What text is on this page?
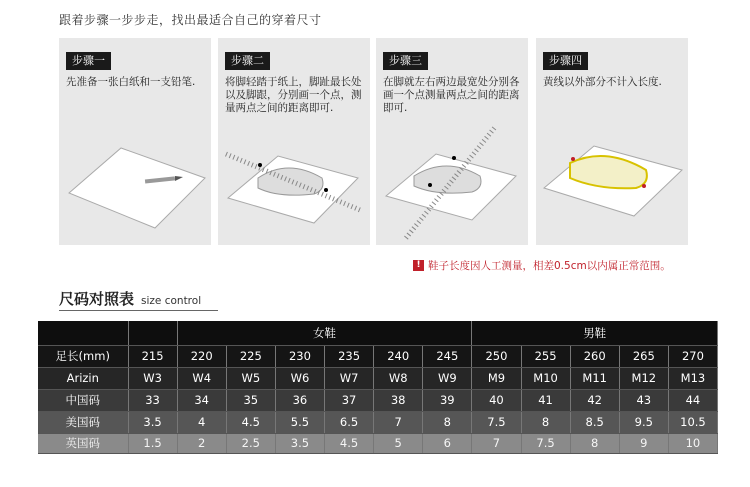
跟着步骤一步步走，找出最适合自己的穿着尺寸
步骤一
先准备一张白纸和一支铅笔.
步骤二
将脚轻踏于纸上，脚趾最长处以及脚跟，分别画一个点，测量两点之间的距离即可.
步骤三
在脚就左右两边最宽处分别各画一个点测量两点之间的距离即可.
步骤四
黄线以外部分不计入长度.
! 鞋子长度因人工测量，相差0.5cm以内属正常范围。
尺码对照表 size control
		女鞋						男鞋				
足长(mm)	215	220	225	230	235	240	245	250	255	260	265	270
Arizin	W3	W4	W5	W6	W7	W8	W9	M9	M10	M11	M12	M13
中国码	33	34	35	36	37	38	39	40	41	42	43	44
美国码	3.5	4	4.5	5.5	6.5	7	8	7.5	8	8.5	9.5	10.5
英国码	1.5	2	2.5	3.5	4.5	5	6	7	7.5	8	9	10
